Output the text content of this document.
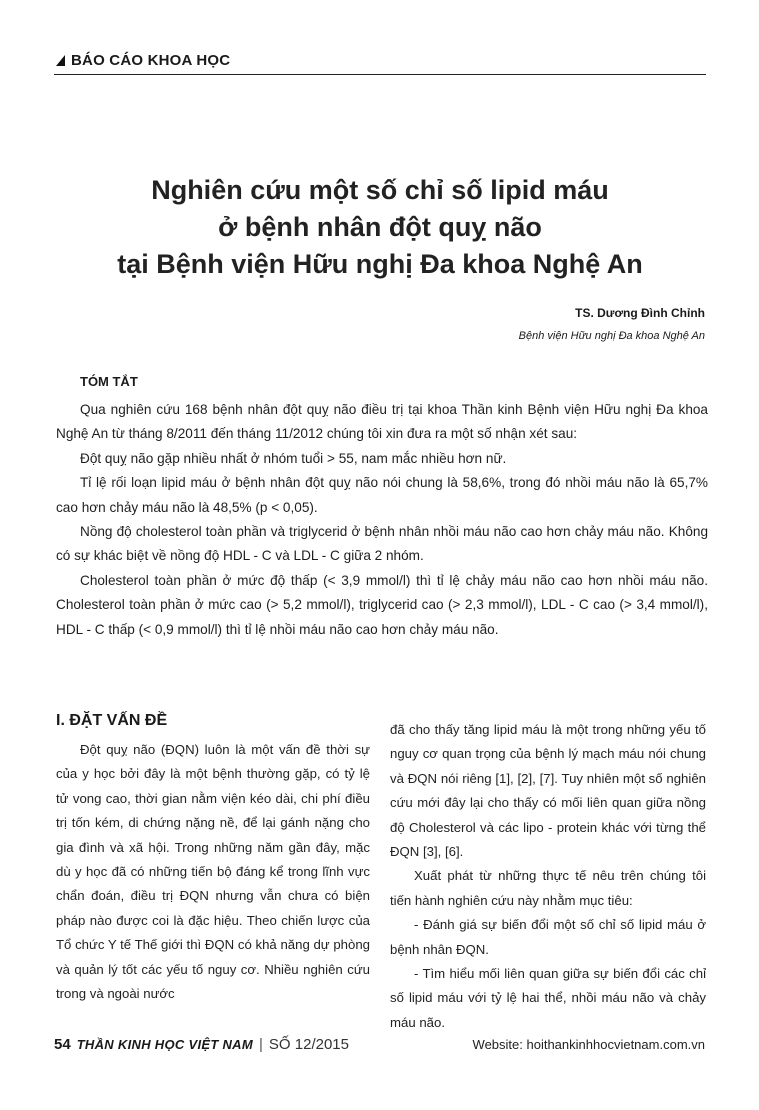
BÁO CÁO KHOA HỌC
Nghiên cứu một số chỉ số lipid máu
ở bệnh nhân đột quỵ não
tại Bệnh viện Hữu nghị Đa khoa Nghệ An
TS. Dương Đình Chỉnh
Bệnh viện Hữu nghị Đa khoa Nghệ An
TÓM TẮT

Qua nghiên cứu 168 bệnh nhân đột quỵ não điều trị tại khoa Thần kinh Bệnh viện Hữu nghị Đa khoa Nghệ An từ tháng 8/2011 đến tháng 11/2012 chúng tôi xin đưa ra một số nhận xét sau:

Đột quỵ não gặp nhiều nhất ở nhóm tuổi > 55, nam mắc nhiều hơn nữ.

Tỉ lệ rối loạn lipid máu ở bệnh nhân đột quỵ não nói chung là 58,6%, trong đó nhồi máu não là 65,7% cao hơn chảy máu não là 48,5% (p < 0,05).

Nồng độ cholesterol toàn phần và triglycerid ở bệnh nhân nhồi máu não cao hơn chảy máu não. Không có sự khác biệt về nồng độ HDL - C và LDL - C giữa 2 nhóm.

Cholesterol toàn phần ở mức độ thấp (< 3,9 mmol/l) thì tỉ lệ chảy máu não cao hơn nhồi máu não. Cholesterol toàn phần ở mức cao (> 5,2 mmol/l), triglycerid cao (> 2,3 mmol/l), LDL - C cao (> 3,4 mmol/l), HDL - C thấp (< 0,9 mmol/l) thì tỉ lệ nhồi máu não cao hơn chảy máu não.

I. ĐẶT VẤN ĐỀ

Đột quỵ não (ĐQN) luôn là một vấn đề thời sự của y học bởi đây là một bệnh thường gặp, có tỷ lệ tử vong cao, thời gian nằm viện kéo dài, chi phí điều trị tốn kém, di chứng nặng nề, để lại gánh nặng cho gia đình và xã hội. Trong những năm gần đây, mặc dù y học đã có những tiến bộ đáng kể trong lĩnh vực chẩn đoán, điều trị ĐQN nhưng vẫn chưa có biện pháp nào được coi là đặc hiệu. Theo chiến lược của Tổ chức Y tế Thế giới thì ĐQN có khả năng dự phòng và quản lý tốt các yếu tố nguy cơ. Nhiều nghiên cứu trong và ngoài nước

đã cho thấy tăng lipid máu là một trong những yếu tố nguy cơ quan trọng của bệnh lý mạch máu nói chung và ĐQN nói riêng [1], [2], [7]. Tuy nhiên một số nghiên cứu mới đây lại cho thấy có mối liên quan giữa nồng độ Cholesterol và các lipo - protein khác với từng thể ĐQN [3], [6].

Xuất phát từ những thực tế nêu trên chúng tôi tiến hành nghiên cứu này nhằm mục tiêu:

- Đánh giá sự biến đổi một số chỉ số lipid máu ở bệnh nhân ĐQN.

- Tìm hiểu mối liên quan giữa sự biến đổi các chỉ số lipid máu với tỷ lệ hai thể, nhồi máu não và chảy máu não.

54 THẦN KINH HỌC VIỆT NAM | SỐ 12/2015	Website: hoithankinhhocvietnam.com.vn
